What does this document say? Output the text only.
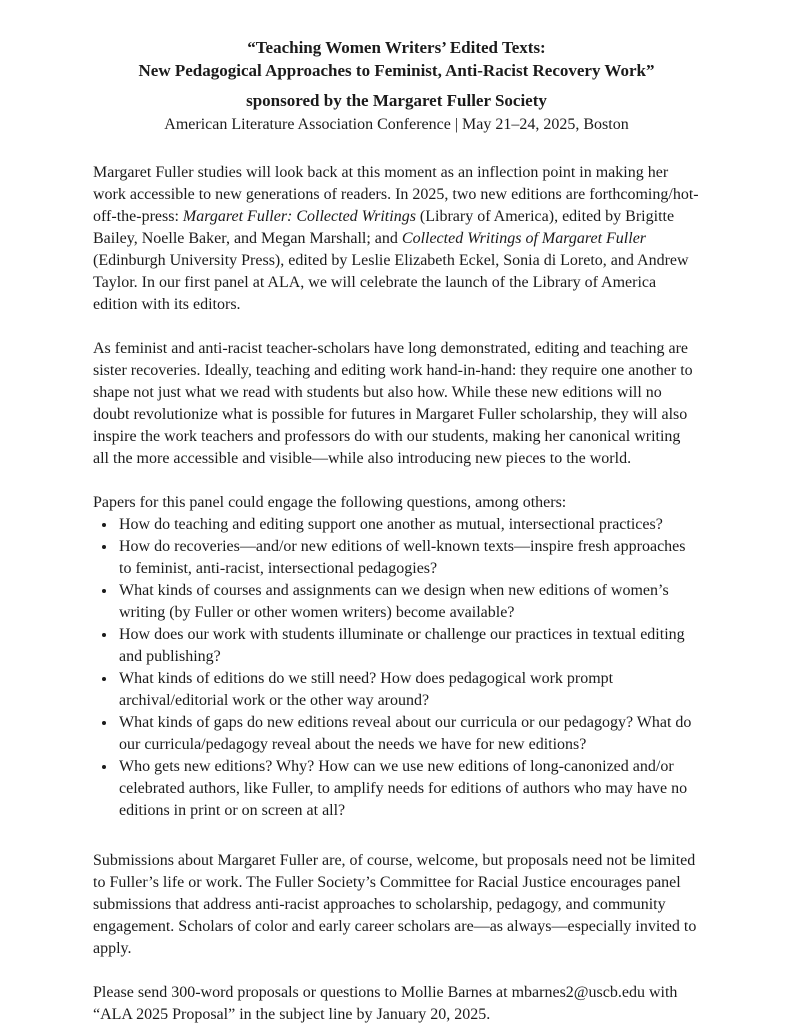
“Teaching Women Writers’ Edited Texts:
New Pedagogical Approaches to Feminist, Anti-Racist Recovery Work”
sponsored by the Margaret Fuller Society
American Literature Association Conference | May 21–24, 2025, Boston

Margaret Fuller studies will look back at this moment as an inflection point in making her work accessible to new generations of readers. In 2025, two new editions are forthcoming/hot-off-the-press: Margaret Fuller: Collected Writings (Library of America), edited by Brigitte Bailey, Noelle Baker, and Megan Marshall; and Collected Writings of Margaret Fuller (Edinburgh University Press), edited by Leslie Elizabeth Eckel, Sonia di Loreto, and Andrew Taylor. In our first panel at ALA, we will celebrate the launch of the Library of America edition with its editors.

As feminist and anti-racist teacher-scholars have long demonstrated, editing and teaching are sister recoveries. Ideally, teaching and editing work hand-in-hand: they require one another to shape not just what we read with students but also how. While these new editions will no doubt revolutionize what is possible for futures in Margaret Fuller scholarship, they will also inspire the work teachers and professors do with our students, making her canonical writing all the more accessible and visible—while also introducing new pieces to the world.

Papers for this panel could engage the following questions, among others:

• How do teaching and editing support one another as mutual, intersectional practices?
• How do recoveries—and/or new editions of well-known texts—inspire fresh approaches to feminist, anti-racist, intersectional pedagogies?
• What kinds of courses and assignments can we design when new editions of women’s writing (by Fuller or other women writers) become available?
• How does our work with students illuminate or challenge our practices in textual editing and publishing?
• What kinds of editions do we still need? How does pedagogical work prompt archival/editorial work or the other way around?
• What kinds of gaps do new editions reveal about our curricula or our pedagogy? What do our curricula/pedagogy reveal about the needs we have for new editions?
• Who gets new editions? Why? How can we use new editions of long-canonized and/or celebrated authors, like Fuller, to amplify needs for editions of authors who may have no editions in print or on screen at all?

Submissions about Margaret Fuller are, of course, welcome, but proposals need not be limited to Fuller’s life or work. The Fuller Society’s Committee for Racial Justice encourages panel submissions that address anti-racist approaches to scholarship, pedagogy, and community engagement. Scholars of color and early career scholars are—as always—especially invited to apply.

Please send 300-word proposals or questions to Mollie Barnes at mbarnes2@uscb.edu with “ALA 2025 Proposal” in the subject line by January 20, 2025.
